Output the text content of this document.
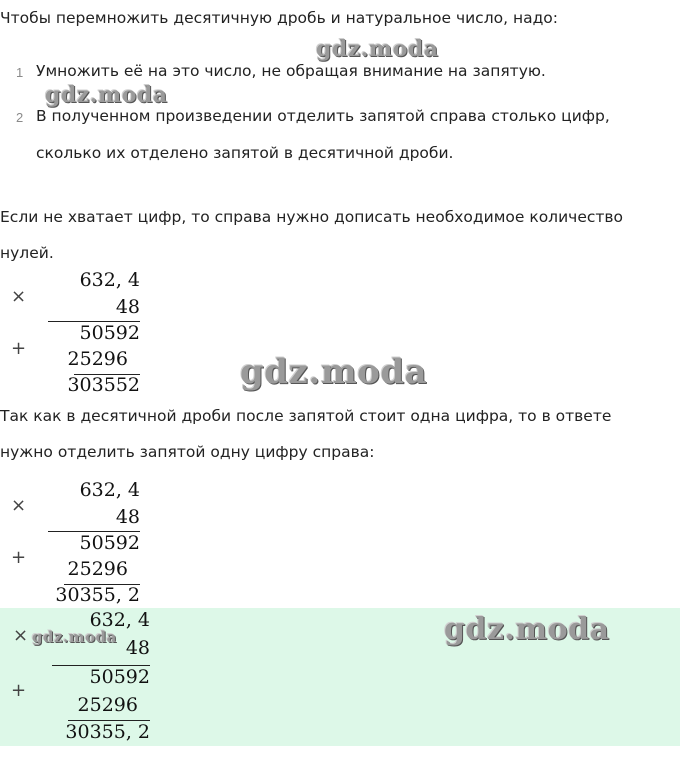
Чтобы перемножить десятичную дробь и натуральное число, надо:
gdz.moda
1 Умножить её на это число, не обращая внимание на запятую.
gdz.moda
2 В полученном произведении отделить запятой справа столько цифр,
сколько их отделено запятой в десятичной дроби.
Если не хватает цифр, то справа нужно дописать необходимое количество
нулей.
×
+
632, 4
48
50592
25296
303552	gdz.moda
Так как в десятичной дроби после запятой стоит одна цифра, то в ответе
нужно отделить запятой одну цифру справа:
×
+
632, 4
48
50592
25296
30355, 2
×
+
632, 4
48
50592
25296
30355, 2
gdz.moda	gdz.moda
